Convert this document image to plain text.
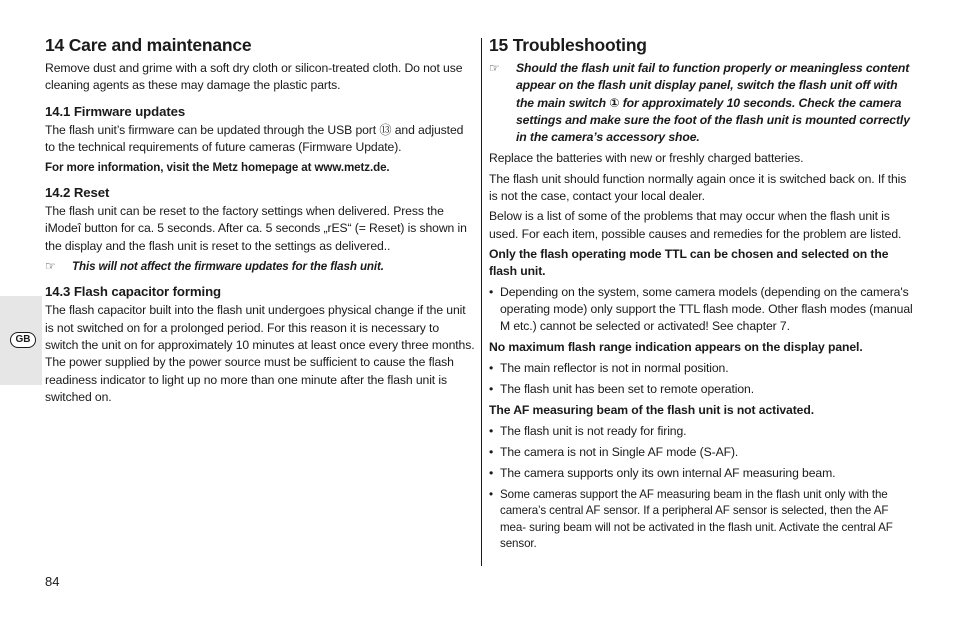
GB
14 Care and maintenance

Remove dust and grime with a soft dry cloth or silicon-treated cloth. Do not use cleaning agents as these may damage the plastic parts.

14.1 Firmware updates

The flash unit’s firmware can be updated through the USB port ⑬ and adjusted to the technical requirements of future cameras (Firmware Update).

For more information, visit the Metz homepage at www.metz.de.

14.2 Reset

The flash unit can be reset to the factory settings when delivered. Press the iModeî button for ca. 5 seconds. After ca. 5 seconds „rES“ (= Reset) is shown in the display and the flash unit is reset to the settings as delivered..

☞	This will not affect the firmware updates for the flash unit.
14.3 Flash capacitor forming

The flash capacitor built into the flash unit undergoes physical change if the unit is not switched on for a prolonged period. For this reason it is necessary to switch the unit on for approximately 10 minutes at least once every three months. The power supplied by the power source must be sufficient to cause the flash readiness indicator to light up no more than one minute after the flash unit is switched on.

15 Troubleshooting
☞	Should the flash unit fail to function properly or meaningless content appear on the flash unit display panel, switch the flash unit off with the main switch ① for approximately 10 seconds. Check the camera settings and make sure the foot of the flash unit is mounted correctly in the camera’s accessory shoe.

Replace the batteries with new or freshly charged batteries.

The flash unit should function normally again once it is switched back on. If this is not the case, contact your local dealer.

Below is a list of some of the problems that may occur when the flash unit is used. For each item, possible causes and remedies for the problem are listed.

Only the flash operating mode TTL can be chosen and selected on the flash unit.

• Depending on the system, some camera models (depending on the camera's operating mode) only support the TTL flash mode. Other flash modes (manual M etc.) cannot be selected or activated! See chapter 7.

No maximum flash range indication appears on the display panel.

• The main reflector is not in normal position.
• The flash unit has been set to remote operation.

The AF measuring beam of the flash unit is not activated.

• The flash unit is not ready for firing.
• The camera is not in Single AF mode (S-AF).
• The camera supports only its own internal AF measuring beam.
• Some cameras support the AF measuring beam in the flash unit only with the camera’s central AF sensor. If a peripheral AF sensor is selected, then the AF mea- suring beam will not be activated in the flash unit. Activate the central AF sensor.
84
